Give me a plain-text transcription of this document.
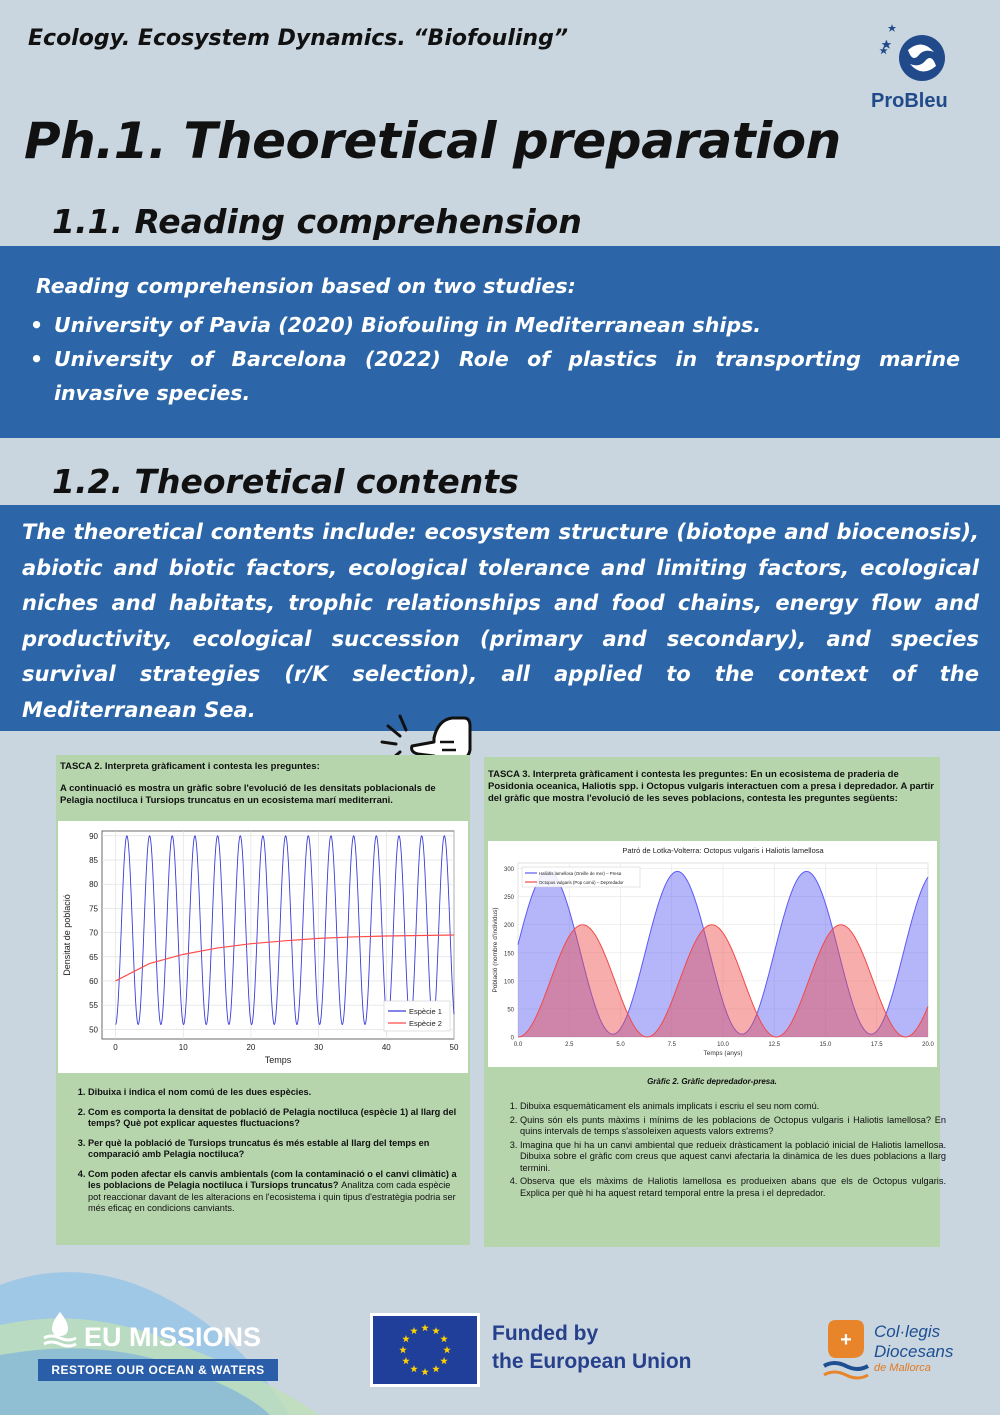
Ecology. Ecosystem Dynamics. “Biofouling”
ProBleu
Ph.1. Theoretical preparation
1.1. Reading comprehension
Reading comprehension based on two studies:
• University of Pavia (2020) Biofouling in Mediterranean ships.
• University of Barcelona (2022) Role of plastics in transporting marine invasive species.
1.2. Theoretical contents
The theoretical contents include: ecosystem structure (biotope and biocenosis), abiotic and biotic factors, ecological tolerance and limiting factors, ecological niches and habitats, trophic relationships and food chains, energy flow and productivity, ecological succession (primary and secondary), and species survival strategies (r/K selection), all applied to the context of the Mediterranean Sea.
TASCA 2. Interpreta gràficament i contesta les preguntes:
A continuació es mostra un gràfic sobre l'evolució de les densitats poblacionals de Pelagia noctiluca i Tursiops truncatus en un ecosistema marí mediterrani.
50
55
60
65
70
75
80
85
90
0	10	20	30	40	50
Temps
Densitat de població
Espècie 1
Espècie 2
1. Dibuixa i indica el nom comú de les dues espècies.
2. Com es comporta la densitat de població de Pelagia noctiluca (espècie 1) al llarg del temps? Què pot explicar aquestes fluctuacions?
3. Per què la població de Tursiops truncatus és més estable al llarg del temps en comparació amb Pelagia noctiluca?
4. Com poden afectar els canvis ambientals (com la contaminació o el canvi climàtic) a les poblacions de Pelagia noctiluca i Tursiops truncatus? Analitza com cada espècie pot reaccionar davant de les alteracions en l'ecosistema i quin tipus d'estratègia podria ser més eficaç en condicions canviants.
TASCA 3. Interpreta gràficament i contesta les preguntes: En un ecosistema de praderia de Posidonia oceanica, Haliotis spp. i Octopus vulgaris interactuen com a presa i depredador. A partir del gràfic que mostra l'evolució de les seves poblacions, contesta les preguntes següents:
Patró de Lotka-Volterra: Octopus vulgaris i Haliotis lamellosa
0
50
100
150
200
250
300
0.0	2.5	5.0	7.5	10.0	12.5	15.0	17.5	20.0
Temps (anys)
Població (nombre d'individus)
Haliotis lamellosa (Oreille de mer) – Presa
Octopus vulgaris (Pop comú) – Depredador
Gràfic 2. Gràfic depredador-presa.
1. Dibuixa esquemàticament els animals implicats i escriu el seu nom comú.
2. Quins són els punts màxims i mínims de les poblacions de Octopus vulgaris i Haliotis lamellosa? En quins intervals de temps s'assoleixen aquests valors extrems?
3. Imagina que hi ha un canvi ambiental que redueix dràsticament la població inicial de Haliotis lamellosa. Dibuixa sobre el gràfic com creus que aquest canvi afectaria la dinàmica de les dues poblacions a llarg termini.
4. Observa que els màxims de Haliotis lamellosa es produeixen abans que els de Octopus vulgaris. Explica per què hi ha aquest retard temporal entre la presa i el depredador.
EU MISSIONS
RESTORE OUR OCEAN & WATERS
Funded by
the European Union
+ Col·legis
Diocesans
de Mallorca
